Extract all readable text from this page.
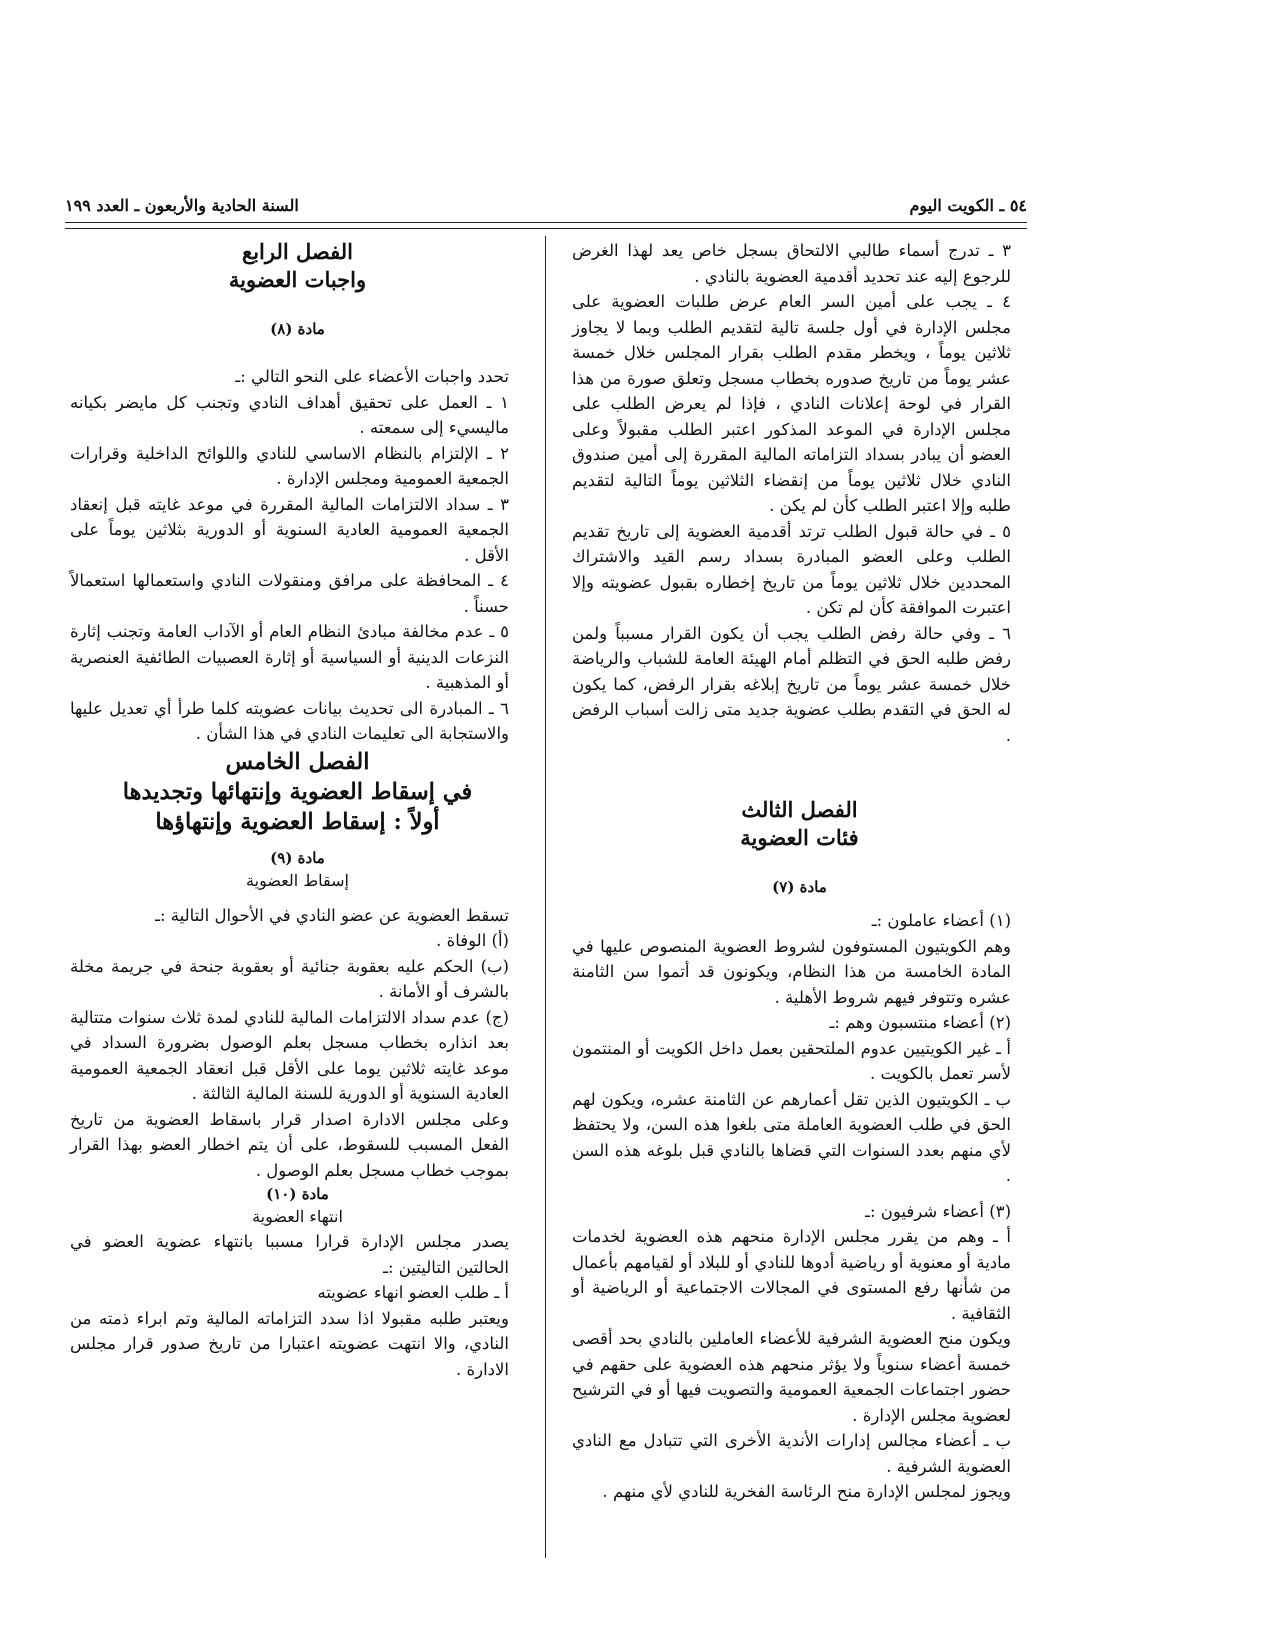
٥٤ ـ الكويت اليوم
السنة الحادية والأربعون ـ العدد ١٩٩

٣ ـ تدرج أسماء طالبي الالتحاق بسجل خاص يعد لهذا الغرض للرجوع إليه عند تحديد أقدمية العضوية بالنادي .

٤ ـ يجب على أمين السر العام عرض طلبات العضوية على مجلس الإدارة في أول جلسة تالية لتقديم الطلب وبما لا يجاوز ثلاثين يوماً ، ويخطر مقدم الطلب بقرار المجلس خلال خمسة عشر يوماً من تاريخ صدوره بخطاب مسجل وتعلق صورة من هذا القرار في لوحة إعلانات النادي ، فإذا لم يعرض الطلب على مجلس الإدارة في الموعد المذكور اعتبر الطلب مقبولاً وعلى العضو أن يبادر بسداد التزاماته المالية المقررة إلى أمين صندوق النادي خلال ثلاثين يوماً من إنقضاء الثلاثين يوماً التالية لتقديم طلبه وإلا اعتبر الطلب كأن لم يكن .

٥ ـ في حالة قبول الطلب ترتد أقدمية العضوية إلى تاريخ تقديم الطلب وعلى العضو المبادرة بسداد رسم القيد والاشتراك المحددين خلال ثلاثين يوماً من تاريخ إخطاره بقبول عضويته وإلا اعتبرت الموافقة كأن لم تكن .

٦ ـ وفي حالة رفض الطلب يجب أن يكون القرار مسبباً ولمن رفض طلبه الحق في التظلم أمام الهيئة العامة للشباب والرياضة خلال خمسة عشر يوماً من تاريخ إبلاغه بقرار الرفض، كما يكون له الحق في التقدم بطلب عضوية جديد متى زالت أسباب الرفض .

الفصل الثالث

فئات العضوية

مادة (٧)

(١) أعضاء عاملون :ـ

وهم الكويتيون المستوفون لشروط العضوية المنصوص عليها في المادة الخامسة من هذا النظام، ويكونون قد أتموا سن الثامنة عشره وتتوفر فيهم شروط الأهلية .

(٢) أعضاء منتسبون وهم :ـ

أ ـ غير الكويتيين عدوم الملتحقين بعمل داخل الكويت أو المنتمون لأسر تعمل بالكويت .

ب ـ الكويتيون الذين تقل أعمارهم عن الثامنة عشره، ويكون لهم الحق في طلب العضوية العاملة متى بلغوا هذه السن، ولا يحتفظ لأي منهم بعدد السنوات التي قضاها بالنادي قبل بلوغه هذه السن .

(٣) أعضاء شرفيون :ـ

أ ـ وهم من يقرر مجلس الإدارة منحهم هذه العضوية لخدمات مادية أو معنوية أو رياضية أدوها للنادي أو للبلاد أو لقيامهم بأعمال من شأنها رفع المستوى في المجالات الاجتماعية أو الرياضية أو الثقافية .

ويكون منح العضوية الشرفية للأعضاء العاملين بالنادي بحد أقصى خمسة أعضاء سنوياً ولا يؤثر منحهم هذه العضوية على حقهم في حضور اجتماعات الجمعية العمومية والتصويت فيها أو في الترشيح لعضوية مجلس الإدارة .

ب ـ أعضاء مجالس إدارات الأندية الأخرى التي تتبادل مع النادي العضوية الشرفية .

ويجوز لمجلس الإدارة منح الرئاسة الفخرية للنادي لأي منهم .

الفصل الرابع

واجبات العضوية

مادة (٨)

تحدد واجبات الأعضاء على النحو التالي :ـ

١ ـ العمل على تحقيق أهداف النادي وتجنب كل مايضر بكيانه ماليسيء إلى سمعته .

٢ ـ الإلتزام بالنظام الاساسي للنادي واللوائح الداخلية وقرارات الجمعية العمومية ومجلس الإدارة .

٣ ـ سداد الالتزامات المالية المقررة في موعد غايته قبل إنعقاد الجمعية العمومية العادية السنوية أو الدورية بثلاثين يوماً على الأقل .

٤ ـ المحافظة على مرافق ومنقولات النادي واستعمالها استعمالاً حسناً .

٥ ـ عدم مخالفة مبادئ النظام العام أو الآداب العامة وتجنب إثارة النزعات الدينية أو السياسية أو إثارة العصبيات الطائفية العنصرية أو المذهبية .

٦ ـ المبادرة الى تحديث بيانات عضويته كلما طرأ أي تعديل عليها والاستجابة الى تعليمات النادي في هذا الشأن .

الفصل الخامس

في إسقاط العضوية وإنتهائها وتجديدها

أولاً : إسقاط العضوية وإنتهاؤها

مادة (٩)

إسقاط العضوية

تسقط العضوية عن عضو النادي في الأحوال التالية :ـ

(أ) الوفاة .

(ب) الحكم عليه بعقوبة جنائية أو بعقوبة جنحة في جريمة مخلة بالشرف أو الأمانة .

(ج) عدم سداد الالتزامات المالية للنادي لمدة ثلاث سنوات متتالية بعد انذاره بخطاب مسجل بعلم الوصول بضرورة السداد في موعد غايته ثلاثين يوما على الأقل قبل انعقاد الجمعية العمومية العادية السنوية أو الدورية للسنة المالية الثالثة .

وعلى مجلس الادارة اصدار قرار باسقاط العضوية من تاريخ الفعل المسبب للسقوط، على أن يتم اخطار العضو بهذا القرار بموجب خطاب مسجل بعلم الوصول .

مادة (١٠)

انتهاء العضوية

يصدر مجلس الإدارة قرارا مسببا بانتهاء عضوية العضو في الحالتين التاليتين :ـ

أ ـ طلب العضو انهاء عضويته

ويعتبر طلبه مقبولا اذا سدد التزاماته المالية وتم ابراء ذمته من النادي، والا انتهت عضويته اعتبارا من تاريخ صدور قرار مجلس الادارة .
